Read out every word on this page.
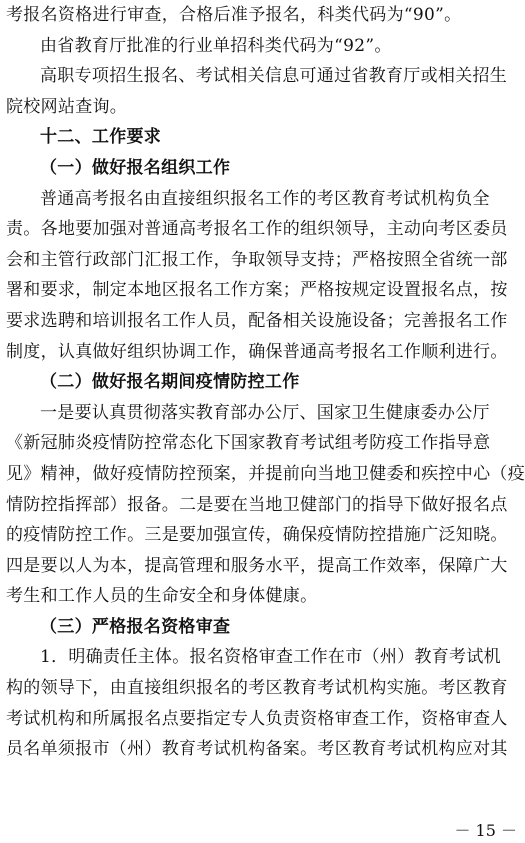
考报名资格进行审查，合格后准予报名，科类代码为“90”。
由省教育厅批准的行业单招科类代码为“92”。
高职专项招生报名、考试相关信息可通过省教育厅或相关招生
院校网站查询。
十二、工作要求
（一）做好报名组织工作
普通高考报名由直接组织报名工作的考区教育考试机构负全
责。各地要加强对普通高考报名工作的组织领导，主动向考区委员
会和主管行政部门汇报工作，争取领导支持；严格按照全省统一部
署和要求，制定本地区报名工作方案；严格按规定设置报名点，按
要求选聘和培训报名工作人员，配备相关设施设备；完善报名工作
制度，认真做好组织协调工作，确保普通高考报名工作顺利进行。
（二）做好报名期间疫情防控工作
一是要认真贯彻落实教育部办公厅、国家卫生健康委办公厅
《新冠肺炎疫情防控常态化下国家教育考试组考防疫工作指导意
见》精神，做好疫情防控预案，并提前向当地卫健委和疾控中心（疫
情防控指挥部）报备。二是要在当地卫健部门的指导下做好报名点
的疫情防控工作。三是要加强宣传，确保疫情防控措施广泛知晓。
四是要以人为本，提高管理和服务水平，提高工作效率，保障广大
考生和工作人员的生命安全和身体健康。
（三）严格报名资格审查
1．明确责任主体。报名资格审查工作在市（州）教育考试机
构的领导下，由直接组织报名的考区教育考试机构实施。考区教育
考试机构和所属报名点要指定专人负责资格审查工作，资格审查人
员名单须报市（州）教育考试机构备案。考区教育考试机构应对其
－ 15 －
